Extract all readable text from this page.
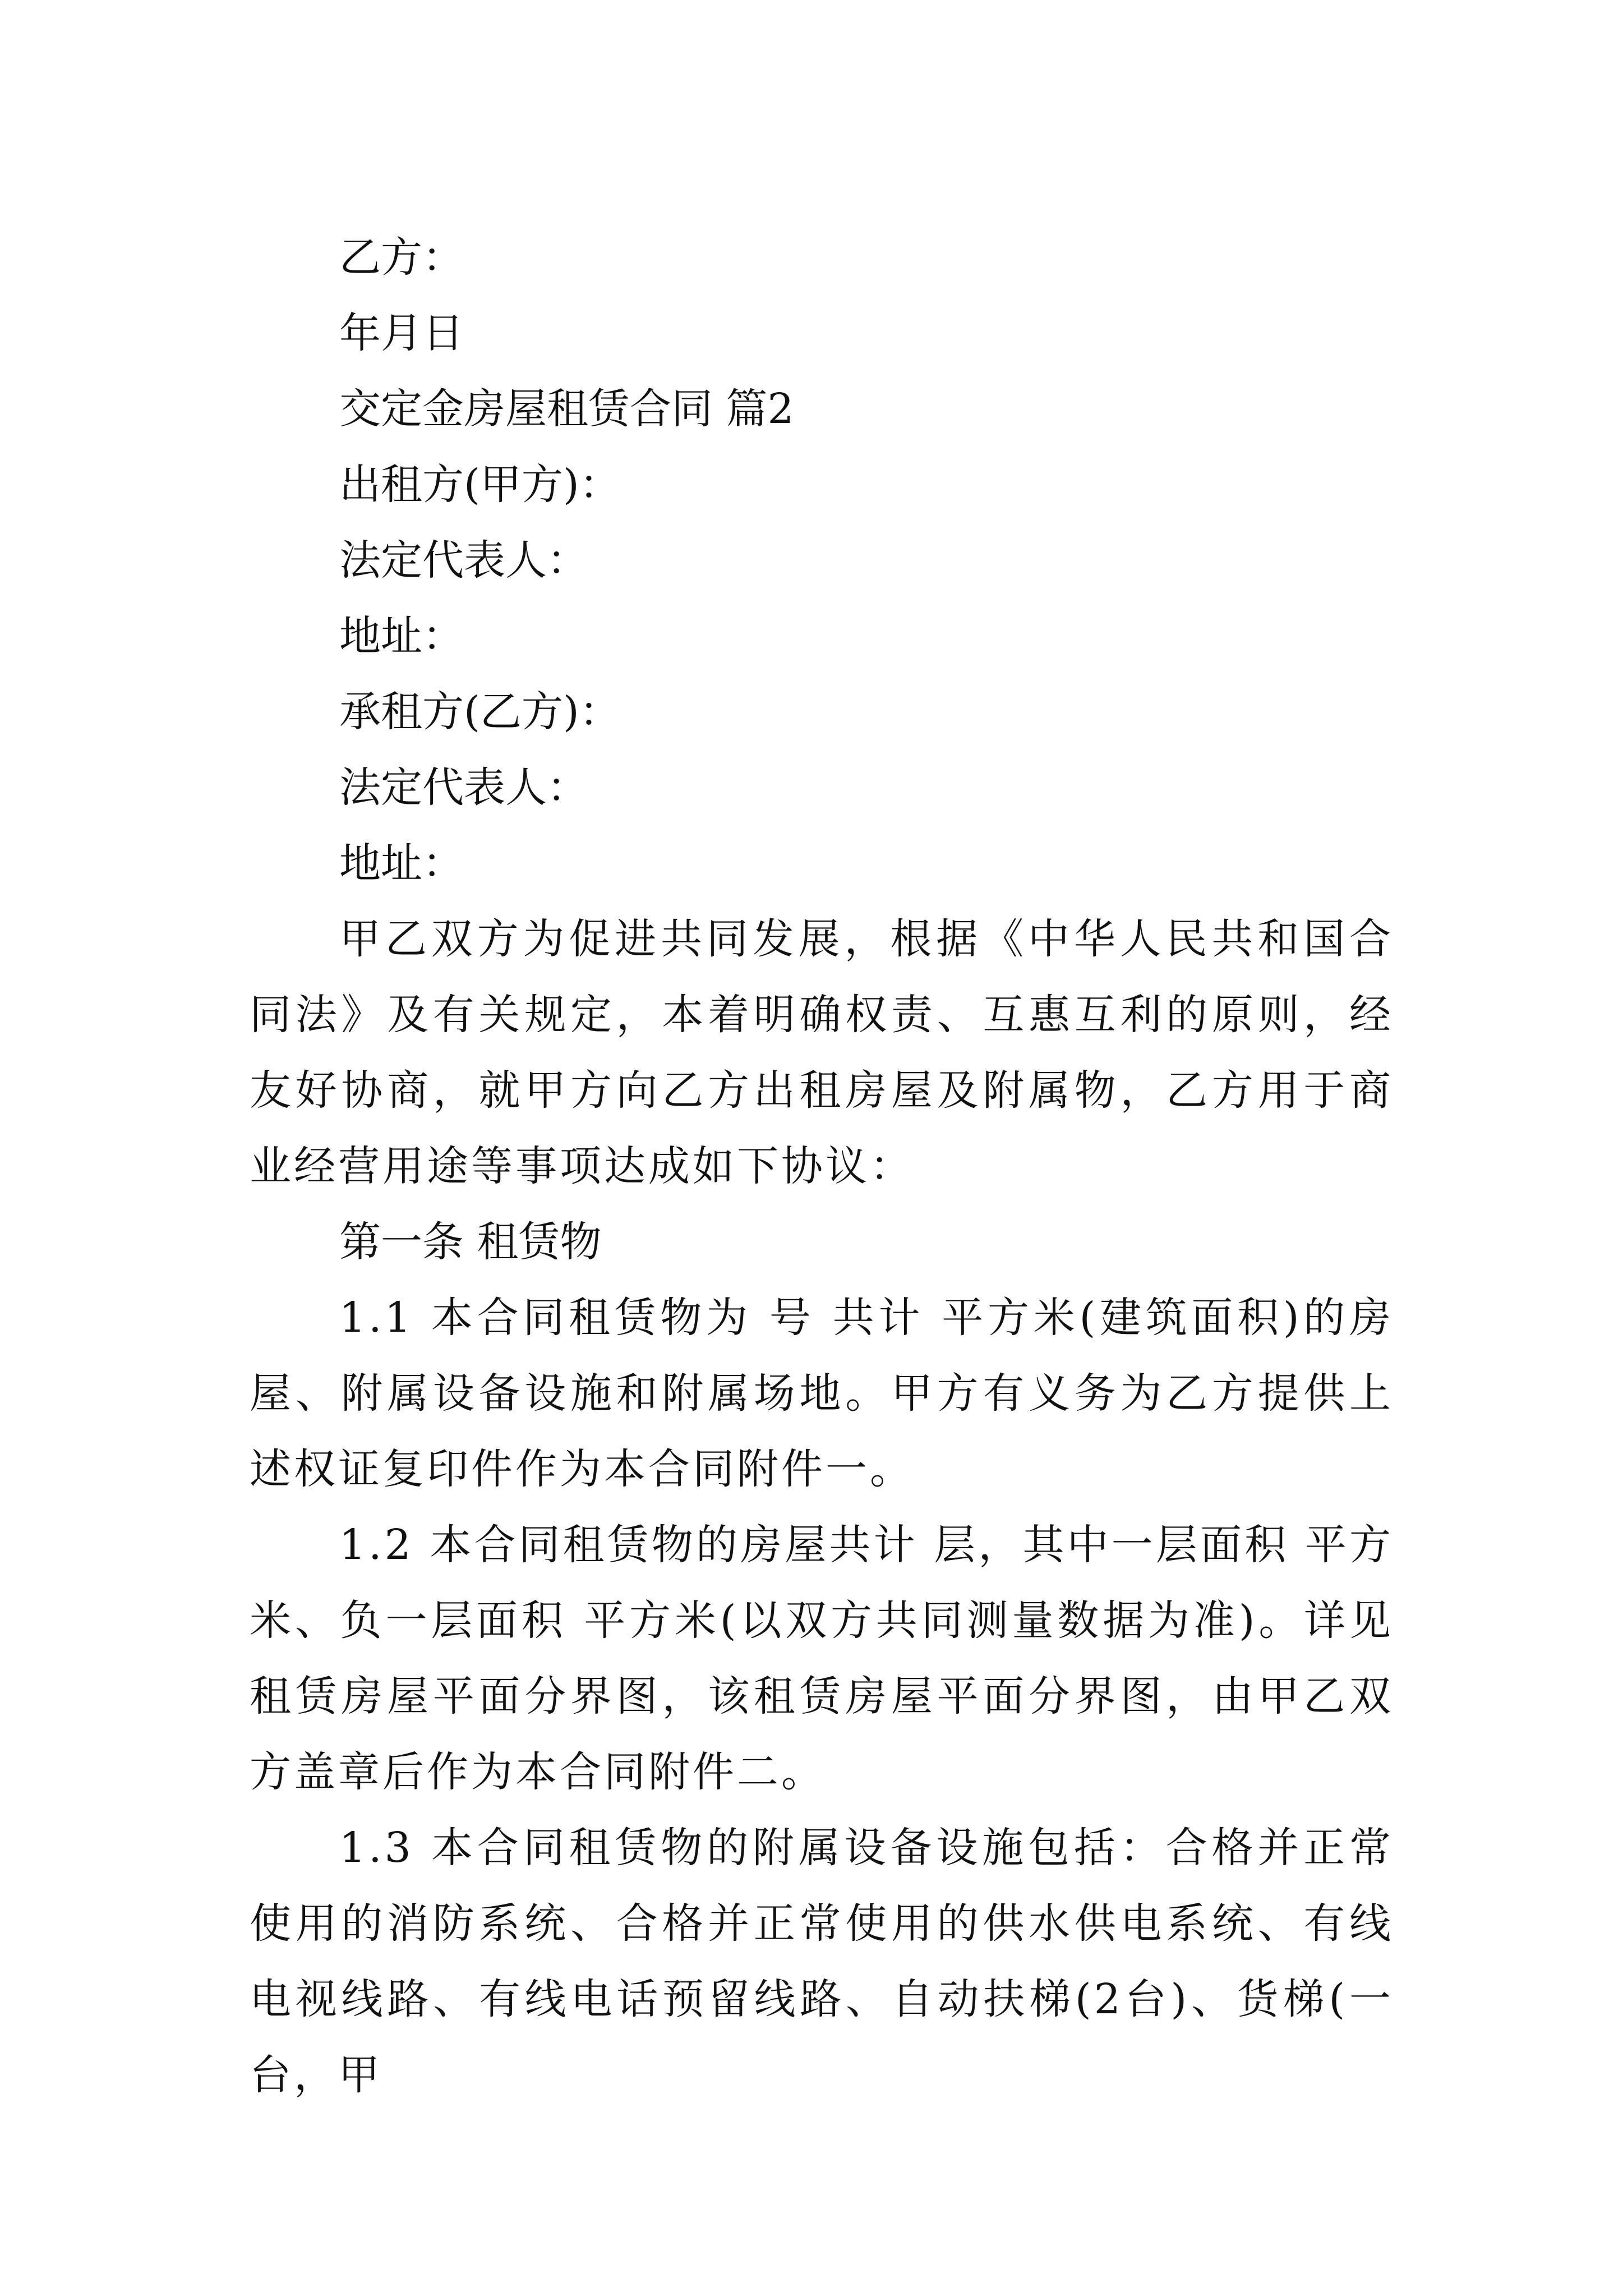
乙方：

年月日

交定金房屋租赁合同 篇2

出租方(甲方)：

法定代表人：

地址：

承租方(乙方)：

法定代表人：

地址：

甲乙双方为促进共同发展，根据《中华人民共和国合同法》及有关规定，本着明确权责、互惠互利的原则，经友好协商，就甲方向乙方出租房屋及附属物，乙方用于商业经营用途等事项达成如下协议：

第一条 租赁物

1.1 本合同租赁物为 号 共计 平方米(建筑面积)的房屋、附属设备设施和附属场地。甲方有义务为乙方提供上述权证复印件作为本合同附件一。

1.2 本合同租赁物的房屋共计 层，其中一层面积 平方米、负一层面积 平方米(以双方共同测量数据为准)。详见租赁房屋平面分界图，该租赁房屋平面分界图，由甲乙双方盖章后作为本合同附件二。

1.3 本合同租赁物的附属设备设施包括：合格并正常使用的消防系统、合格并正常使用的供水供电系统、有线电视线路、有线电话预留线路、自动扶梯(2台)、货梯(一台，甲
